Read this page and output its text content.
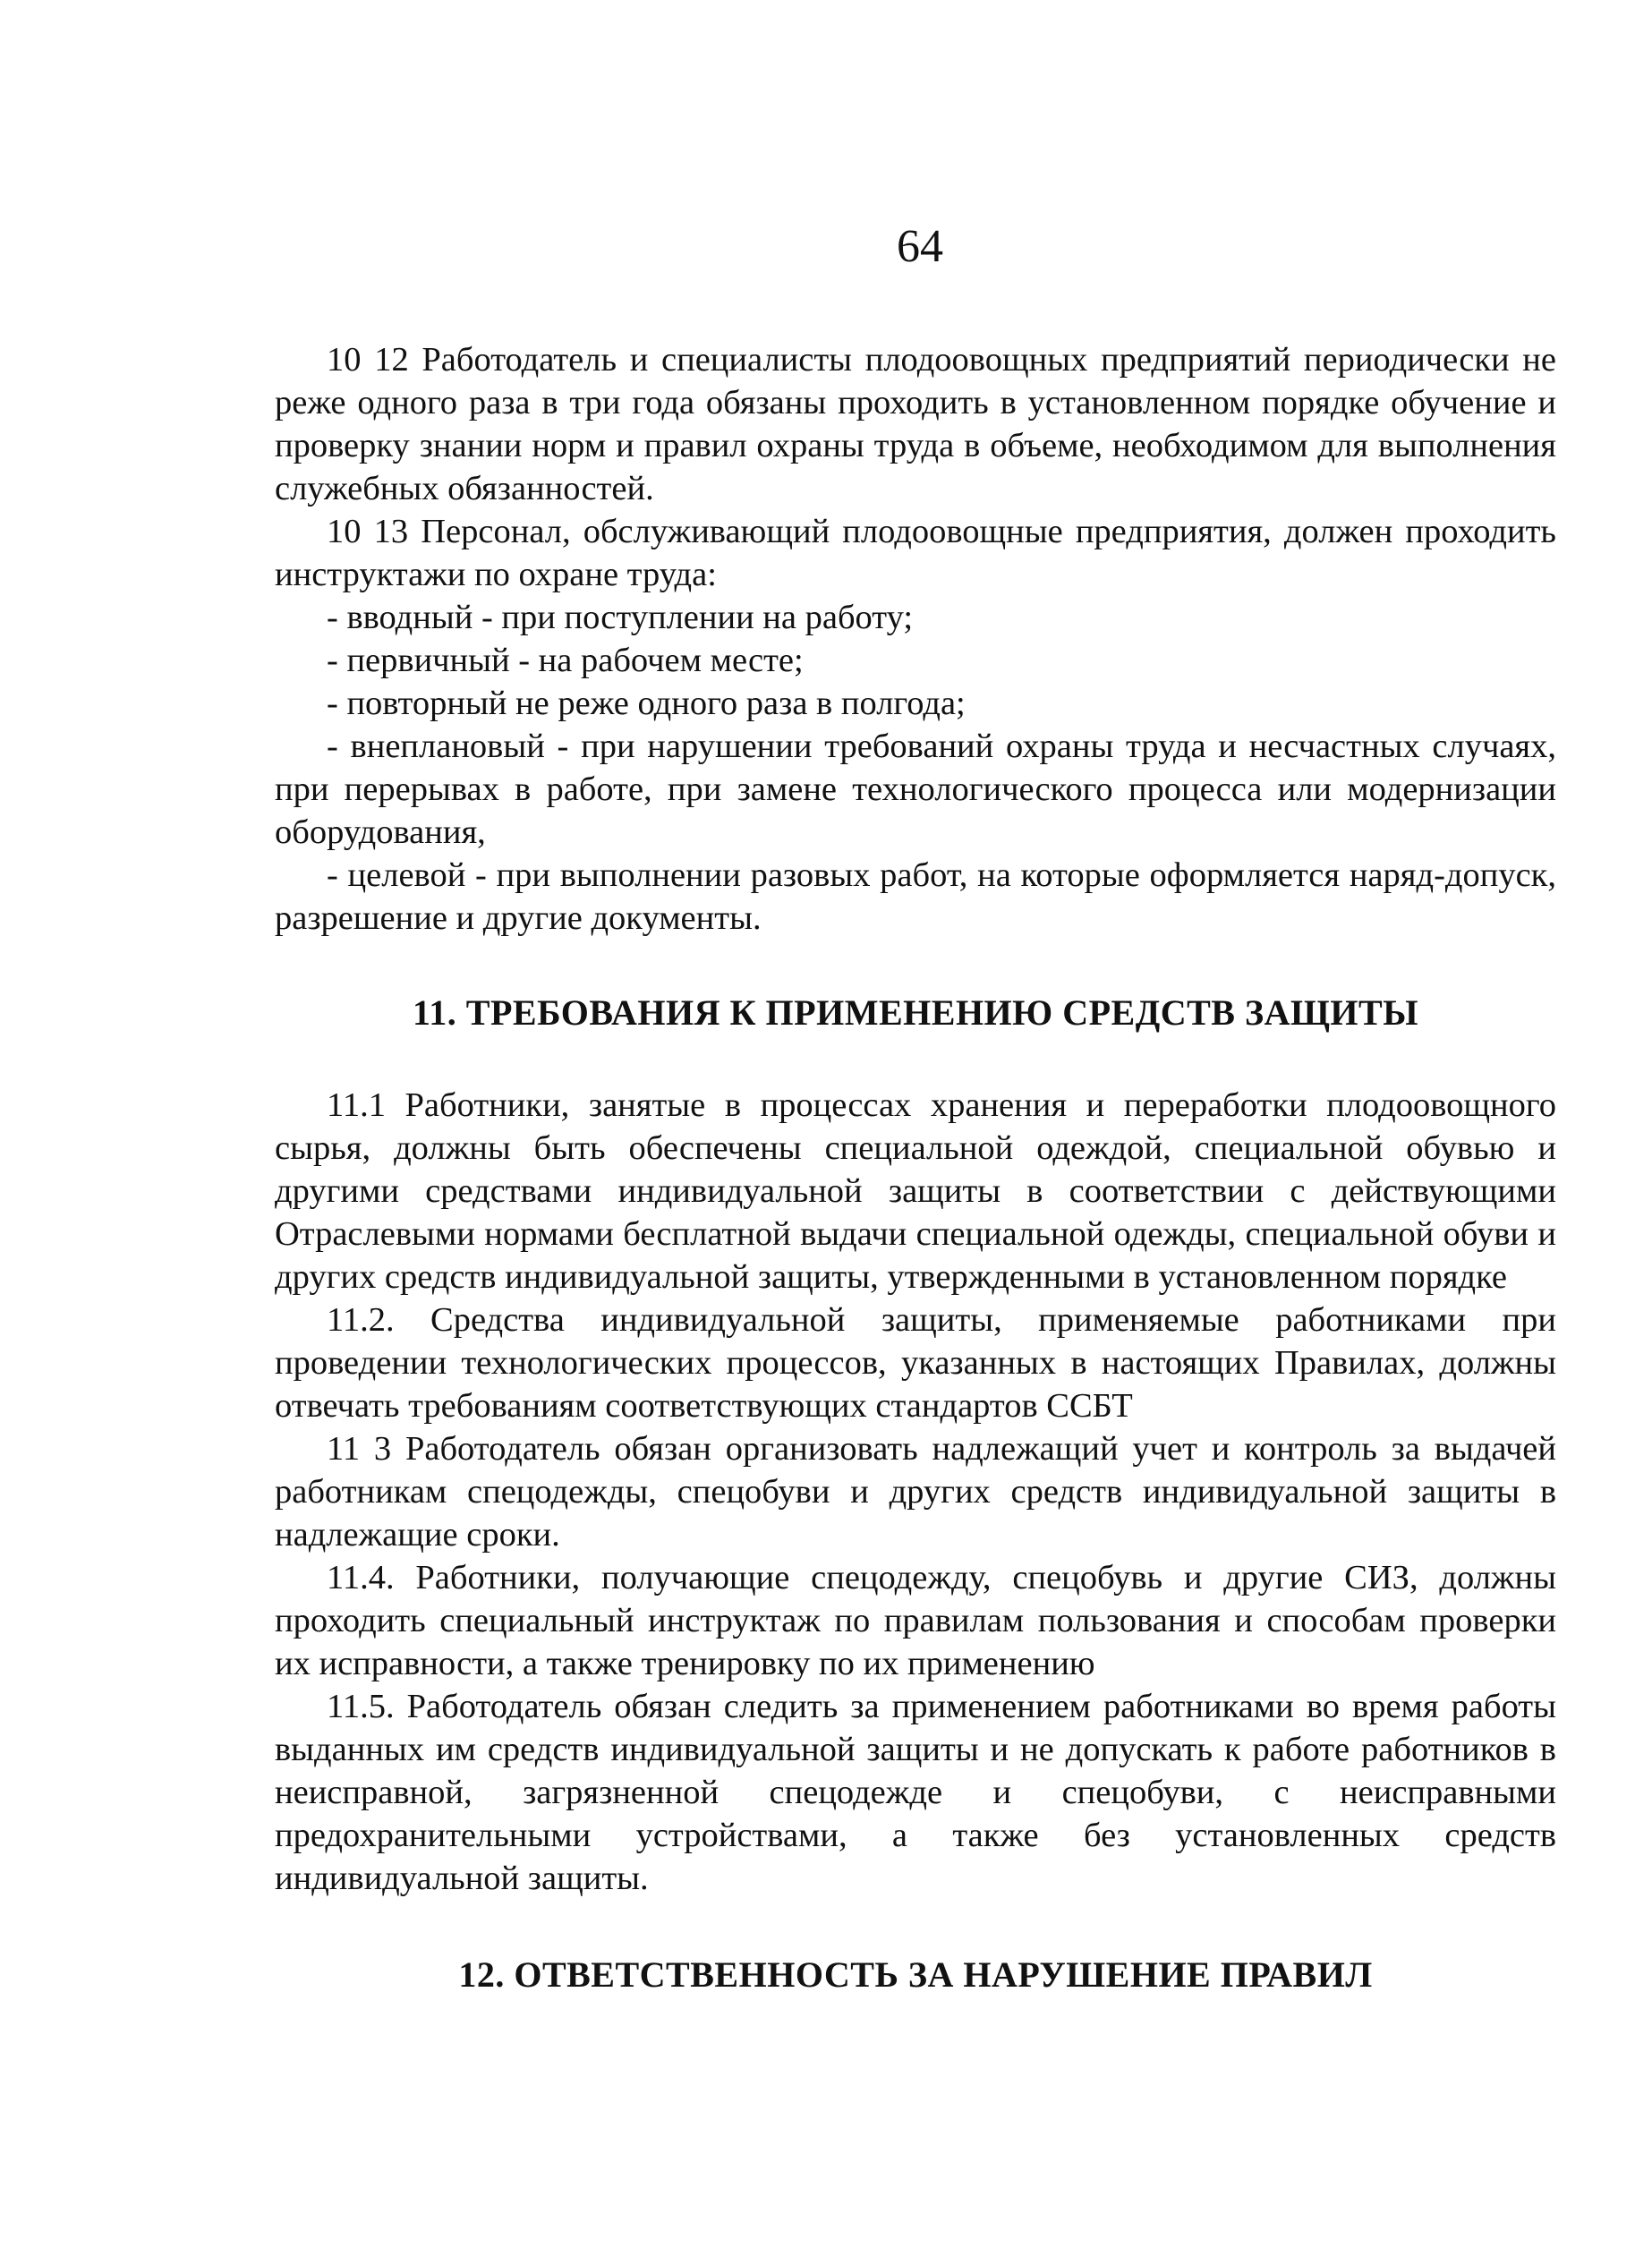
64

10 12 Работодатель и специалисты плодоовощных предприятий периодически не реже одного раза в три года обязаны проходить в установленном порядке обучение и проверку знании норм и правил охраны труда в объеме, необходимом для выполнения служебных обязанностей.

10 13 Персонал, обслуживающий плодоовощные предприятия, должен проходить инструктажи по охране труда:

- вводный - при поступлении на работу;

- первичный - на рабочем месте;

- повторный не реже одного раза в полгода;

- внеплановый - при нарушении требований охраны труда и несчастных случаях, при перерывах в работе, при замене технологического процесса или модернизации оборудования,

- целевой - при выполнении разовых работ, на которые оформляется наряд-допуск, разрешение и другие документы.

11. ТРЕБОВАНИЯ К ПРИМЕНЕНИЮ СРЕДСТВ ЗАЩИТЫ

11.1 Работники, занятые в процессах хранения и переработки плодоовощного сырья, должны быть обеспечены специальной одеждой, специальной обувью и другими средствами индивидуальной защиты в соответствии с действующими Отраслевыми нормами бесплатной выдачи специальной одежды, специальной обуви и других средств индивидуальной защиты, утвержденными в установленном порядке

11.2. Средства индивидуальной защиты, применяемые работниками при проведении технологических процессов, указанных в настоящих Правилах, должны отвечать требованиям соответствующих стандартов ССБТ

11 3 Работодатель обязан организовать надлежащий учет и контроль за выдачей работникам спецодежды, спецобуви и других средств индивидуальной защиты в надлежащие сроки.

11.4. Работники, получающие спецодежду, спецобувь и другие СИЗ, должны проходить специальный инструктаж по правилам пользования и способам проверки их исправности, а также тренировку по их применению

11.5. Работодатель обязан следить за применением работниками во время работы выданных им средств индивидуальной защиты и не допускать к работе работников в неисправной, загрязненной спецодежде и спецобуви, с неисправными предохранительными устройствами, а также без установленных средств индивидуальной защиты.

12. ОТВЕТСТВЕННОСТЬ ЗА НАРУШЕНИЕ ПРАВИЛ
